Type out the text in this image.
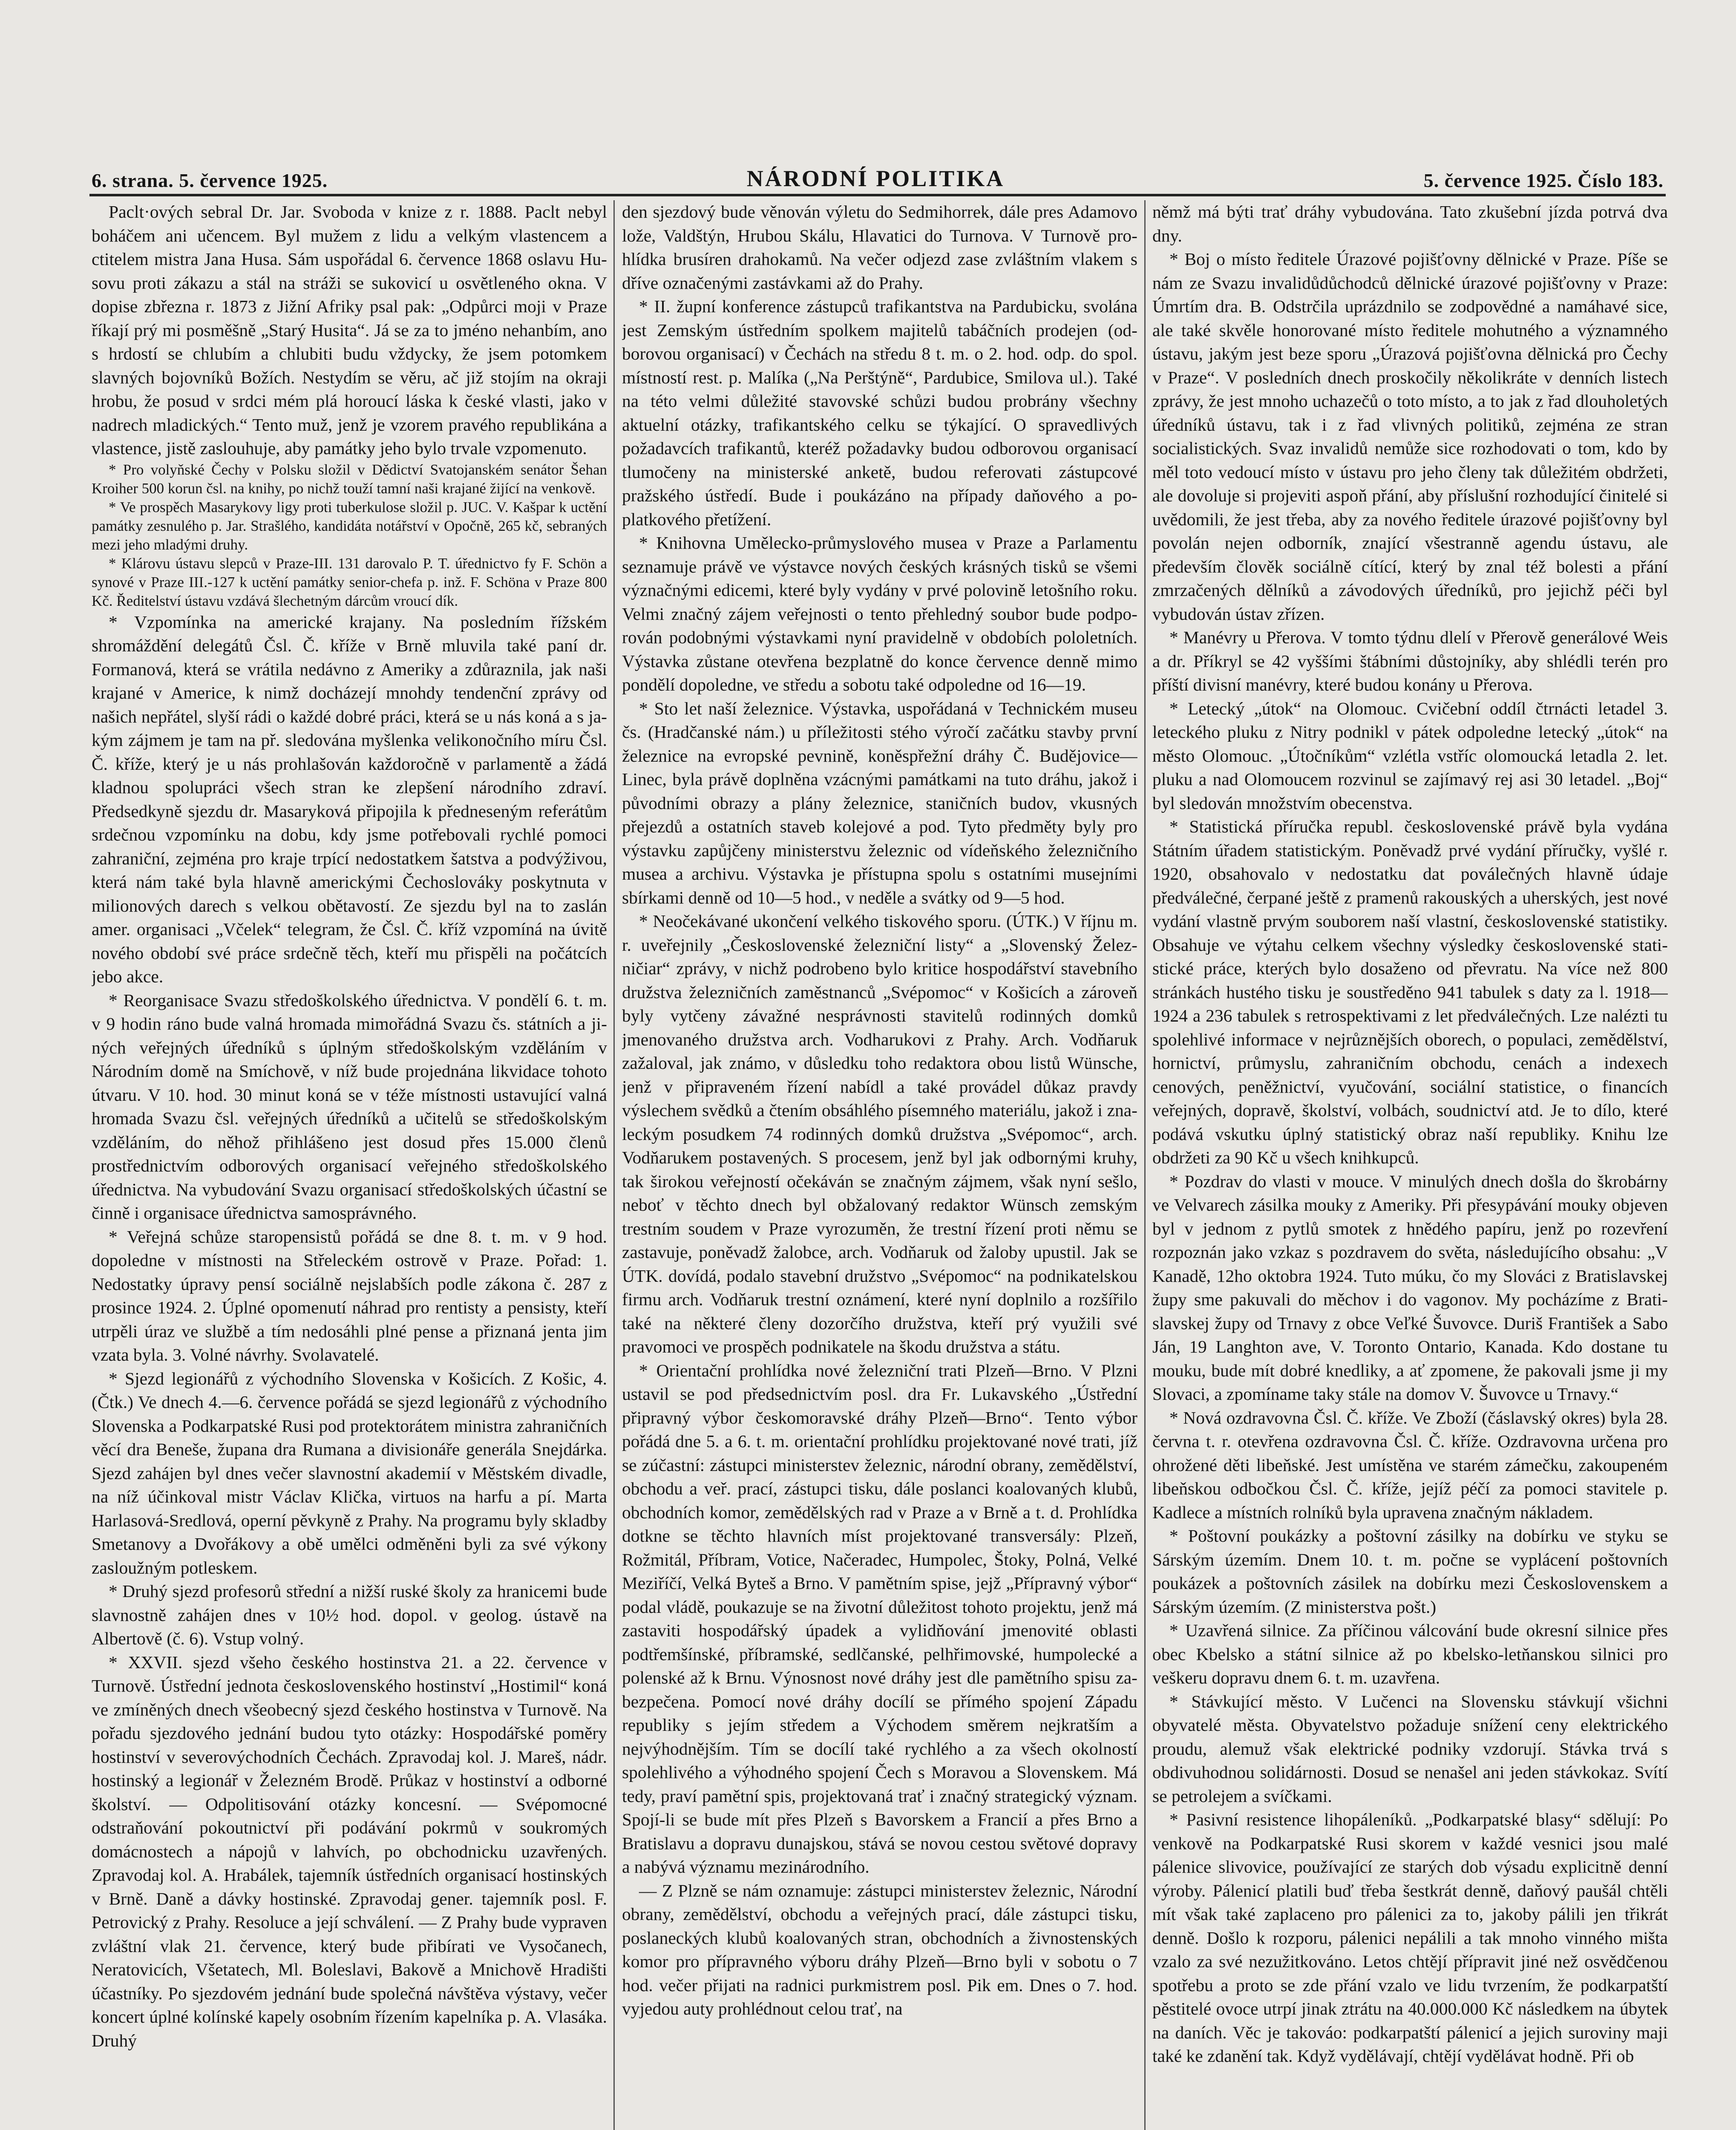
6. strana. 5. července 1925.	NÁRODNÍ POLITIKA	5. července 1925. Číslo 183.

Paclt·ových sebral Dr. Jar. Svoboda v knize z r. 1888. Paclt nebyl boháčem ani učencem. Byl mužem z lidu a velkým vlastencem a ctitelem mistra Jana Husa. Sám uspořádal 6. července 1868 oslavu Husovu proti zákazu a stál na stráži se sukovicí u osvětleného okna. V dopise zbřezna r. 1873 z Jižní Afriky psal pak: „Odpůrci moji v Praze říkají prý mi posměšně „Starý Husita“. Já se za to jméno nehanbím, ano s hrdostí se chlubím a chlubiti budu vždycky, že jsem potomkem slavných bojovníků Božích. Nestydím se věru, ač již stojím na okraji hrobu, že posud v srdci mém plá horoucí láska k české vlasti, jako v nadrech mladických.“ Tento muž, jenž je vzorem pravého republikána a vlastence, jistě zaslouhuje, aby památky jeho bylo trvale vzpomenuto.

* Pro volyňské Čechy v Polsku složil v Dědictví Svatojanském senátor Šehan Kroiher 500 korun čsl. na knihy, po nichž touží tamní naši krajané žijící na venkově.

* Ve prospěch Masarykovy ligy proti tuberkulose složil p. JUC. V. Kašpar k uctění památky zesnulého p. Jar. Strašlého, kandidáta notářství v Opočně, 265 kč, sebraných mezi jeho mladými druhy.

* Klárovu ústavu slepců v Praze-III. 131 darovalo P. T. úřednictvo fy F. Schön a synové v Praze III.-127 k uctění památky senior-chefa p. inž. F. Schöna v Praze 800 Kč. Ředitelství ústavu vzdává šlechetným dárcům vroucí dík.

* Vzpomínka na americké krajany. Na posledním řížském shromáždění delegátů Čsl. Č. kříže v Brně mluvila také paní dr. Formanová, která se vrátila nedávno z Ameriky a zdůraznila, jak naši krajané v Americe, k nimž docházejí mnohdy tendenční zprávy od našich nepřátel, slyší rádi o každé dobré práci, která se u nás koná a s jakým zájmem je tam na př. sledována myšlenka velikonočního míru Čsl. Č. kříže, který je u nás prohlašován každoročně v parlamentě a žádá kladnou spolupráci všech stran ke zlepšení národního zdraví. Předsedkyně sjezdu dr. Masaryková připojila k předneseným referátům srdečnou vzpomínku na dobu, kdy jsme potřebovali rychlé pomoci zahraniční, zejména pro kraje trpící nedostatkem šatstva a podvýživou, která nám také byla hlavně americkými Čechoslováky poskytnuta v milionových darech s velkou obětavostí. Ze sjezdu byl na to zaslán amer. organisaci „Včelek“ telegram, že Čsl. Č. kříž vzpomíná na úvitě nového období své práce srdečně těch, kteří mu přispěli na počátcích jebo akce.

* Reorganisace Svazu středoškolského úřednictva. V pondělí 6. t. m. v 9 hodin ráno bude valná hromada mimořádná Svazu čs. státních a jiných veřejných úředníků s úplným středoškolským vzděláním v Národním domě na Smíchově, v níž bude projednána likvidace tohoto útvaru. V 10. hod. 30 minut koná se v téže místnosti ustavující valná hromada Svazu čsl. veřejných úředníků a učitelů se středoškolským vzděláním, do něhož přihlášeno jest dosud přes 15.000 členů prostřednictvím odborových organisací veřejného středoškolského úřednictva. Na vybudování Svazu organisací středoškolských účastní se činně i organisace úřednictva samosprávného.

* Veřejná schůze staropensistů pořádá se dne 8. t. m. v 9 hod. dopoledne v místnosti na Střeleckém ostrově v Praze. Pořad: 1. Nedostatky úpravy pensí sociálně nejslabších podle zákona č. 287 z prosince 1924. 2. Úplné opomenutí náhrad pro rentisty a pensisty, kteří utrpěli úraz ve službě a tím nedosáhli plné pense a přiznaná jenta jim vzata byla. 3. Volné návrhy. Svolavatelé.

* Sjezd legionářů z východního Slovenska v Košicích. Z Košic, 4. (Čtk.) Ve dnech 4.—6. července pořádá se sjezd legionářů z východního Slovenska a Podkarpatské Rusi pod protektorátem ministra zahraničních věcí dra Beneše, župana dra Rumana a divisionáře generála Snejdárka. Sjezd zahájen byl dnes večer slavnostní akademií v Městském divadle, na níž účinkoval mistr Václav Klička, virtuos na harfu a pí. Marta Harlasová-Sredlová, operní pěvkyně z Prahy. Na programu byly skladby Smetanovy a Dvořákovy a obě umělci odměněni byli za své výkony zasloužným potleskem.

* Druhý sjezd profesorů střední a nižší ruské školy za hranicemi bude slavnostně zahájen dnes v 10½ hod. dopol. v geolog. ústavě na Albertově (č. 6). Vstup volný.

* XXVII. sjezd všeho českého hostinstva 21. a 22. července v Turnově. Ústřední jednota československého hostinství „Hostimil“ koná ve zmíněných dnech všeobecný sjezd českého hostinstva v Turnově. Na pořadu sjezdového jednání budou tyto otázky: Hospodářské poměry hostinství v severovýchodních Čechách. Zpravodaj kol. J. Mareš, nádr. hostinský a legionář v Železném Brodě. Průkaz v hostinství a odborné školství. — Odpolitisování otázky koncesní. — Svépomocné odstraňování pokoutnictví při podávání pokrmů v soukromých domácnostech a nápojů v lahvích, po obchodnicku uzavřených. Zpravodaj kol. A. Hrabálek, tajemník ústředních organisací hostinských v Brně. Daně a dávky hostinské. Zpravodaj gener. tajemník posl. F. Petrovický z Prahy. Resoluce a její schválení. — Z Prahy bude vypraven zvláštní vlak 21. července, který bude přibírati ve Vysočanech, Neratovicích, Všetatech, Ml. Boleslavi, Bakově a Mnichově Hradišti účastníky. Po sjezdovém jednání bude společná návštěva výstavy, večer koncert úplné kolínské kapely osobním řízením kapelníka p. A. Vlasáka. Druhý

den sjezdový bude věnován výletu do Sedmihorrek, dále pres Adamovo lože, Valdštýn, Hrubou Skálu, Hlavatici do Turnova. V Turnově prohlídka brusíren drahokamů. Na večer odjezd zase zvláštním vlakem s dříve označenými zastávkami až do Prahy.

* II. župní konference zástupců trafikantstva na Pardubicku, svolána jest Zemským ústředním spolkem majitelů tabáčních prodejen (odborovou organisací) v Čechách na středu 8 t. m. o 2. hod. odp. do spol. místností rest. p. Malíka („Na Perštýně“, Pardubice, Smilova ul.). Také na této velmi důležité stavovské schůzi budou probrány všechny aktuelní otázky, trafikantského celku se týkající. O spravedlivých požadavcích trafikantů, kteréž požadavky budou odborovou organisací tlumočeny na ministerské anketě, budou referovati zástupcové pražského ústředí. Bude i poukázáno na případy daňového a poplatkového přetížení.

* Knihovna Umělecko-průmyslového musea v Praze a Parlamentu seznamuje právě ve výstavce nových českých krásných tisků se všemi význačnými edicemi, které byly vydány v prvé polovině letošního roku. Velmi značný zájem veřejnosti o tento přehledný soubor bude podporován podobnými výstavkami nyní pravidelně v obdobích pololetních. Výstavka zůstane otevřena bezplatně do konce července denně mimo pondělí dopoledne, ve středu a sobotu také odpoledne od 16—19.

* Sto let naší železnice. Výstavka, uspořádaná v Technickém museu čs. (Hradčanské nám.) u příležitosti stého výročí začátku stavby první železnice na evropské pevnině, koněspřežní dráhy Č. Budějovice—Linec, byla právě doplněna vzácnými památkami na tuto dráhu, jakož i původními obrazy a plány železnice, staničních budov, vkusných přejezdů a ostatních staveb kolejové a pod. Tyto předměty byly pro výstavku zapůjčeny ministerstvu železnic od vídeňského železničního musea a archivu. Výstavka je přístupna spolu s ostatními musejními sbírkami denně od 10—5 hod., v neděle a svátky od 9—5 hod.

* Neočekávané ukončení velkého tiskového sporu. (ÚTK.) V říjnu m. r. uveřejnily „Československé železniční listy“ a „Slovenský Železničiar“ zprávy, v nichž podrobeno bylo kritice hospodářství stavebního družstva železničních zaměstnanců „Svépomoc“ v Košicích a zároveň byly vytčeny závažné nesprávnosti stavitelů rodinných domků jmenovaného družstva arch. Vodharukovi z Prahy. Arch. Vodňaruk zažaloval, jak známo, v důsledku toho redaktora obou listů Wünsche, jenž v připraveném řízení nabídl a také provádel důkaz pravdy výslechem svědků a čtením obsáhlého písemného materiálu, jakož i znaleckým posudkem 74 rodinných domků družstva „Svépomoc“, arch. Vodňarukem postavených. S procesem, jenž byl jak odbornými kruhy, tak širokou veřejností očekáván se značným zájmem, však nyní sešlo, neboť v těchto dnech byl obžalovaný redaktor Wünsch zemským trestním soudem v Praze vyrozuměn, že trestní řízení proti němu se zastavuje, poněvadž žalobce, arch. Vodňaruk od žaloby upustil. Jak se ÚTK. dovídá, podalo stavební družstvo „Svépomoc“ na podnikatelskou firmu arch. Vodňaruk trestní oznámení, které nyní doplnilo a rozšířilo také na některé členy dozorčího družstva, kteří prý využili své pravomoci ve prospěch podnikatele na škodu družstva a státu.

* Orientační prohlídka nové železniční trati Plzeň—Brno. V Plzni ustavil se pod předsednictvím posl. dra Fr. Lukavského „Ústřední připravný výbor českomoravské dráhy Plzeň—Brno“. Tento výbor pořádá dne 5. a 6. t. m. orientační prohlídku projektované nové trati, jíž se zúčastní: zástupci ministerstev železnic, národní obrany, zemědělství, obchodu a veř. prací, zástupci tisku, dále poslanci koalovaných klubů, obchodních komor, zemědělských rad v Praze a v Brně a t. d. Prohlídka dotkne se těchto hlavních míst projektované transversály: Plzeň, Rožmitál, Příbram, Votice, Načeradec, Humpolec, Štoky, Polná, Velké Meziříčí, Velká Byteš a Brno. V pamětním spise, jejž „Přípravný výbor“ podal vládě, poukazuje se na životní důležitost tohoto projektu, jenž má zastaviti hospodářský úpadek a vylidňování jmenovité oblasti podtřemšínské, příbramské, sedlčanské, pelhřimovské, humpolecké a polenské až k Brnu. Výnosnost nové dráhy jest dle pamětního spisu zabezpečena. Pomocí nové dráhy docílí se přímého spojení Západu republiky s jejím středem a Východem směrem nejkratším a nejvýhodnějším. Tím se docílí také rychlého a za všech okolností spolehlivého a výhodného spojení Čech s Moravou a Slovenskem. Má tedy, praví pamětní spis, projektovaná trať i značný strategický význam. Spojí-li se bude mít přes Plzeň s Bavorskem a Francií a přes Brno a Bratislavu a dopravu dunajskou, stává se novou cestou světové dopravy a nabývá významu mezinárodního.

— Z Plzně se nám oznamuje: zástupci ministerstev železnic, Národní obrany, zemědělství, obchodu a veřejných prací, dále zástupci tisku, poslaneckých klubů koalovaných stran, obchodních a živnostenských komor pro přípravného výboru dráhy Plzeň—Brno byli v sobotu o 7 hod. večer přijati na radnici purkmistrem posl. Pik em. Dnes o 7. hod. vyjedou auty prohlédnout celou trať, na

němž má býti trať dráhy vybudována. Tato zkušební jízda potrvá dva dny.

* Boj o místo ředitele Úrazové pojišťovny dělnické v Praze. Píše se nám ze Svazu invalidůdůchodců dělnické úrazové pojišťovny v Praze: Úmrtím dra. B. Odstrčila uprázdnilo se zodpovědné a namáhavé sice, ale také skvěle honorované místo ředitele mohutného a významného ústavu, jakým jest beze sporu „Úrazová pojišťovna dělnická pro Čechy v Praze“. V posledních dnech proskočily několikráte v denních listech zprávy, že jest mnoho uchazečů o toto místo, a to jak z řad dlouholetých úředníků ústavu, tak i z řad vlivných politiků, zejména ze stran socialistických. Svaz invalidů nemůže sice rozhodovati o tom, kdo by měl toto vedoucí místo v ústavu pro jeho členy tak důležitém obdržeti, ale dovoluje si projeviti aspoň přání, aby příslušní rozhodující činitelé si uvědomili, že jest třeba, aby za nového ředitele úrazové pojišťovny byl povolán nejen odborník, znající všestranně agendu ústavu, ale především člověk sociálně cítící, který by znal též bolesti a přání zmrzačených dělníků a závodových úředníků, pro jejichž péči byl vybudován ústav zřízen.

* Manévry u Přerova. V tomto týdnu dlelí v Přerově generálové Weis a dr. Příkryl se 42 vyššími štábními důstojníky, aby shlédli terén pro příští divisní manévry, které budou konány u Přerova.

* Letecký „útok“ na Olomouc. Cvičební oddíl čtrnácti letadel 3. leteckého pluku z Nitry podnikl v pátek odpoledne letecký „útok“ na město Olomouc. „Útočníkům“ vzlétla vstříc olomoucká letadla 2. let. pluku a nad Olomoucem rozvinul se zajímavý rej asi 30 letadel. „Boj“ byl sledován množstvím obecenstva.

* Statistická příručka republ. československé právě byla vydána Státním úřadem statistickým. Poněvadž prvé vydání příručky, vyšlé r. 1920, obsahovalo v nedostatku dat poválečných hlavně údaje předválečné, čerpané ještě z pramenů rakouských a uherských, jest nové vydání vlastně prvým souborem naší vlastní, československé statistiky. Obsahuje ve výtahu celkem všechny výsledky československé statistické práce, kterých bylo dosaženo od převratu. Na více než 800 stránkách hustého tisku je soustředěno 941 tabulek s daty za l. 1918—1924 a 236 tabulek s retrospektivami z let předválečných. Lze nalézti tu spolehlivé informace v nejrůznějších oborech, o populaci, zemědělství, hornictví, průmyslu, zahraničním obchodu, cenách a indexech cenových, peněžnictví, vyučování, sociální statistice, o financích veřejných, dopravě, školství, volbách, soudnictví atd. Je to dílo, které podává vskutku úplný statistický obraz naší republiky. Knihu lze obdržeti za 90 Kč u všech knihkupců.

* Pozdrav do vlasti v mouce. V minulých dnech došla do škrobárny ve Velvarech zásilka mouky z Ameriky. Při přesypávání mouky objeven byl v jednom z pytlů smotek z hnědého papíru, jenž po rozevření rozpoznán jako vzkaz s pozdravem do světa, následujícího obsahu: „V Kanadě, 12ho oktobra 1924. Tuto múku, čo my Slováci z Bratislavskej župy sme pakuvali do měchov i do vagonov. My pocházíme z Bratislavskej župy od Trnavy z obce Veľké Šuvovce. Duriš František a Sabo Ján, 19 Langhton ave, V. Toronto Ontario, Kanada. Kdo dostane tu mouku, bude mít dobré knedliky, a ať zpomene, že pakovali jsme ji my Slovaci, a zpomíname taky stále na domov V. Šuvovce u Trnavy.“

* Nová ozdravovna Čsl. Č. kříže. Ve Zboží (čáslavský okres) byla 28. června t. r. otevřena ozdravovna Čsl. Č. kříže. Ozdravovna určena pro ohrožené děti libeňské. Jest umístěna ve starém zámečku, zakoupeném libeňskou odbočkou Čsl. Č. kříže, jejíž péčí za pomoci stavitele p. Kadlece a místních rolníků byla upravena značným nákladem.

* Poštovní poukázky a poštovní zásilky na dobírku ve styku se Sárským územím. Dnem 10. t. m. počne se vyplácení poštovních poukázek a poštovních zásilek na dobírku mezi Československem a Sárským územím. (Z ministerstva pošt.)

* Uzavřená silnice. Za příčinou válcování bude okresní silnice přes obec Kbelsko a státní silnice až po kbelsko-letňanskou silnici pro veškeru dopravu dnem 6. t. m. uzavřena.

* Stávkující město. V Lučenci na Slovensku stávkují všichni obyvatelé města. Obyvatelstvo požaduje snížení ceny elektrického proudu, alemuž však elektrické podniky vzdorují. Stávka trvá s obdivuhodnou solidárnosti. Dosud se nenašel ani jeden stávkokaz. Svítí se petrolejem a svíčkami.

* Pasivní resistence lihopáleníků. „Podkarpatské blasy“ sdělují: Po venkově na Podkarpatské Rusi skorem v každé vesnici jsou malé pálenice slivovice, používající ze starých dob výsadu explicitně denní výroby. Pálenicí platili buď třeba šestkrát denně, daňový paušál chtěli mít však také zaplaceno pro pálenici za to, jakoby pálili jen třikrát denně. Došlo k rozporu, pálenici nepálili a tak mnoho vinného mišta vzalo za své nezužitkováno. Letos chtějí přípravit jiné než osvědčenou spotřebu a proto se zde přání vzalo ve lidu tvrzením, že podkarpatští pěstitelé ovoce utrpí jinak ztrátu na 40.000.000 Kč následkem na úbytek na daních. Věc je takováo: podkarpatští pálenicí a jejich suroviny maji také ke zdanění tak. Když vydělávají, chtějí vydělávat hodně. Při ob
